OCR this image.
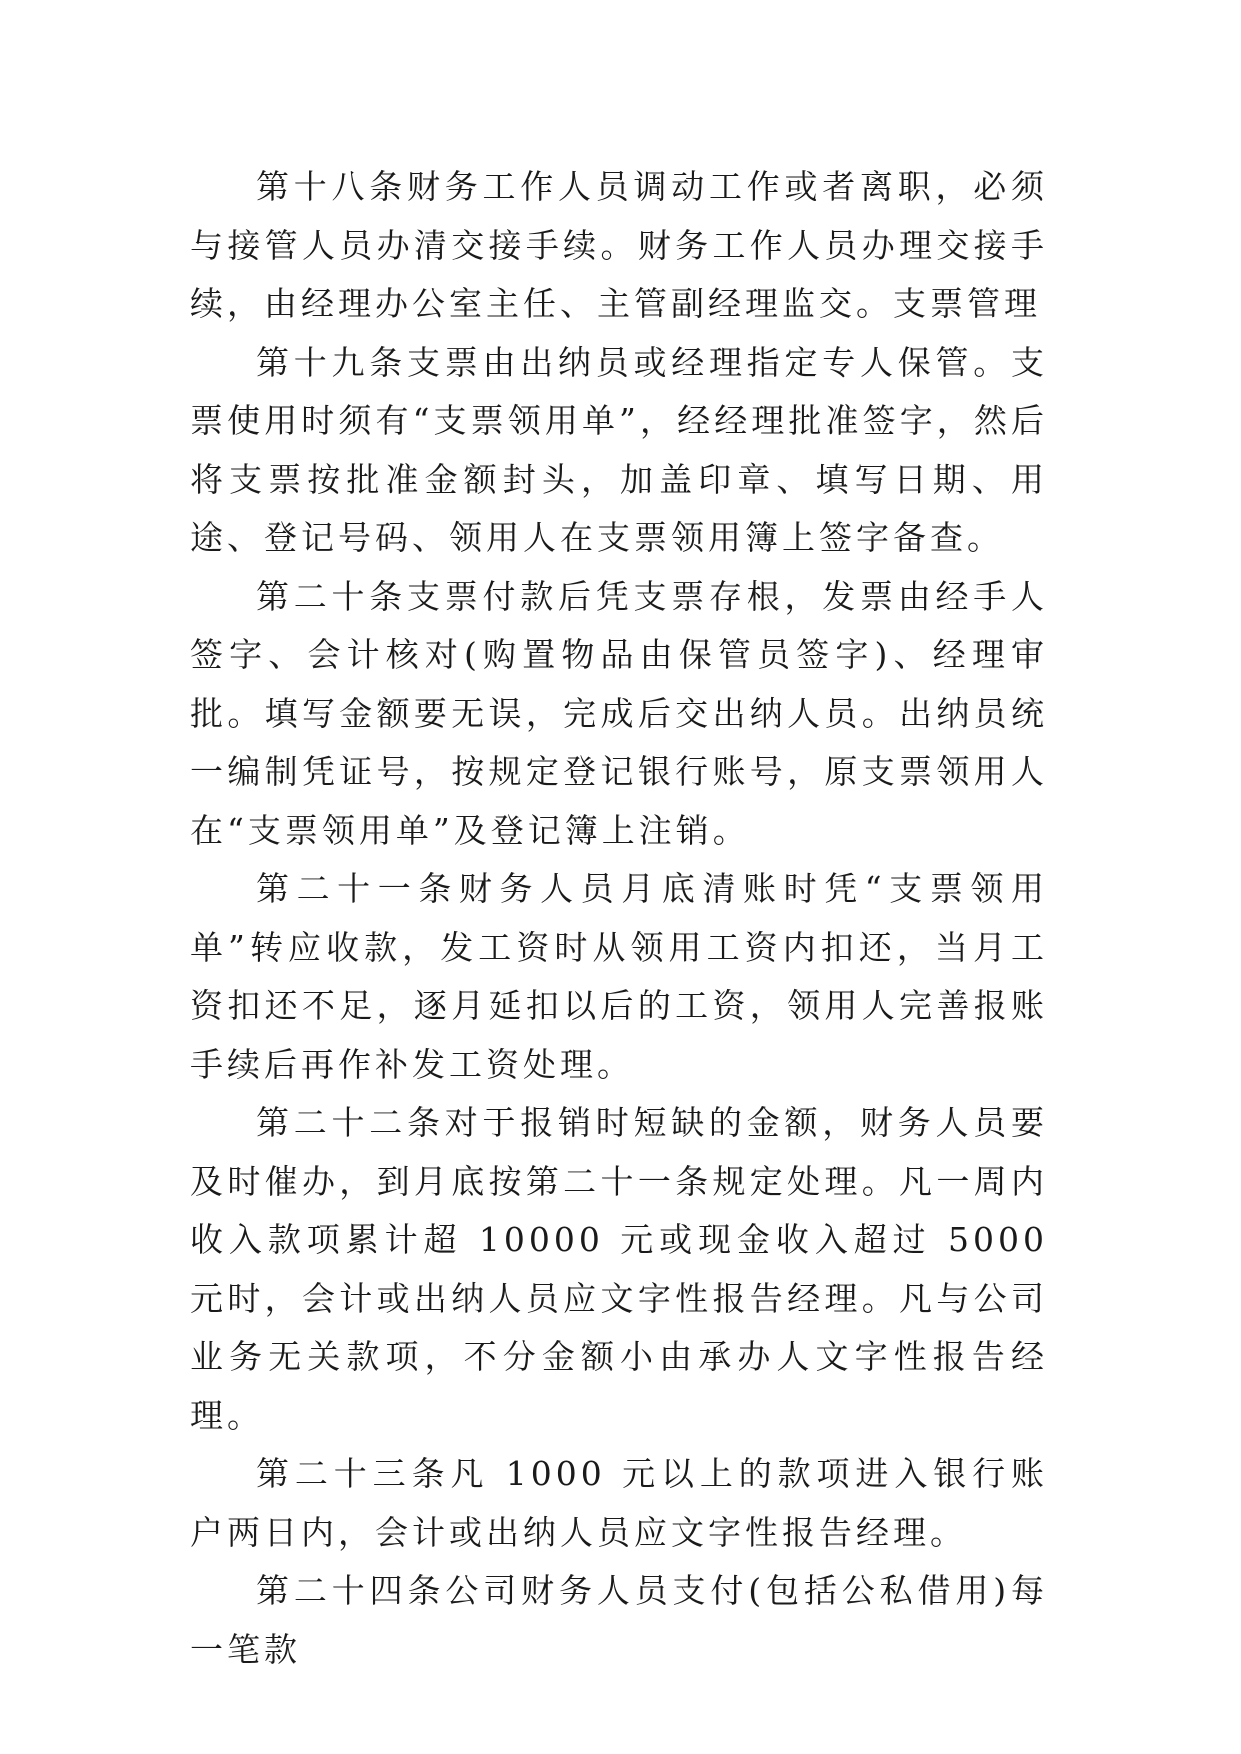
第十八条财务工作人员调动工作或者离职，必须与接管人员办清交接手续。财务工作人员办理交接手续，由经理办公室主任、主管副经理监交。支票管理

第十九条支票由出纳员或经理指定专人保管。支票使用时须有“支票领用单”，经经理批准签字，然后将支票按批准金额封头，加盖印章、填写日期、用途、登记号码、领用人在支票领用簿上签字备查。

第二十条支票付款后凭支票存根，发票由经手人签字、会计核对(购置物品由保管员签字)、经理审批。填写金额要无误，完成后交出纳人员。出纳员统一编制凭证号，按规定登记银行账号，原支票领用人在“支票领用单”及登记簿上注销。

第二十一条财务人员月底清账时凭“支票领用单”转应收款，发工资时从领用工资内扣还，当月工资扣还不足，逐月延扣以后的工资，领用人完善报账手续后再作补发工资处理。

第二十二条对于报销时短缺的金额，财务人员要及时催办，到月底按第二十一条规定处理。凡一周内收入款项累计超 10000 元或现金收入超过 5000 元时，会计或出纳人员应文字性报告经理。凡与公司业务无关款项，不分金额小由承办人文字性报告经理。

第二十三条凡 1000 元以上的款项进入银行账户两日内，会计或出纳人员应文字性报告经理。

第二十四条公司财务人员支付(包括公私借用)每一笔款
